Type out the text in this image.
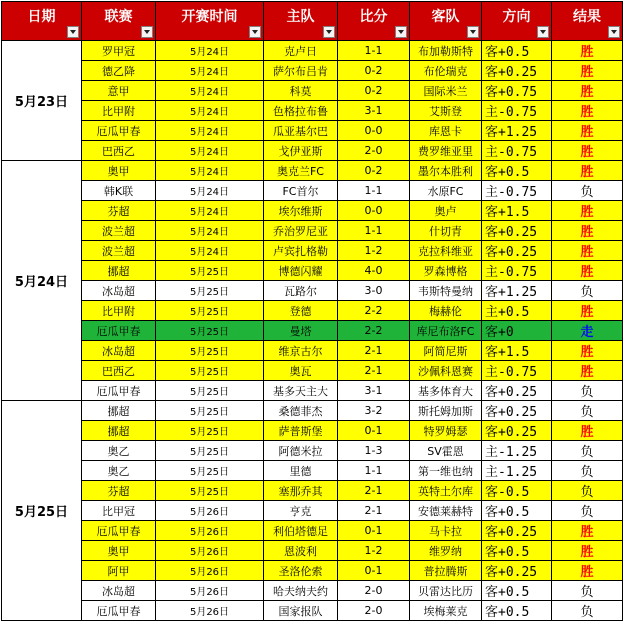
日期	联赛	开赛时间	主队	比分	客队	方向	结果

5月23日	罗甲冠	5月24日	克卢日	1-1	布加勒斯特	客+0.5	胜
	德乙降	5月24日	萨尔布吕肯	0-2	布伦瑞克	客+0.25	胜
	意甲	5月24日	科莫	0-2	国际米兰	客+0.75	胜
	比甲附	5月24日	色格拉布鲁	3-1	艾斯登	主-0.75	胜
	厄瓜甲春	5月24日	瓜亚基尔巴	0-0	库恩卡	客+1.25	胜
	巴西乙	5月24日	戈伊亚斯	2-0	费罗维亚里	主-0.75	胜
5月24日	奥甲	5月24日	奥克兰FC	0-2	墨尔本胜利	客+0.5	胜
	韩K联	5月24日	FC首尔	1-1	水原FC	主-0.75	负
	芬超	5月24日	埃尔维斯	0-0	奥卢	客+1.5	胜
	波兰超	5月24日	乔治罗尼亚	1-1	什切青	客+0.25	胜
	波兰超	5月24日	卢宾扎格勒	1-2	克拉科维亚	客+0.25	胜
	挪超	5月25日	博德闪耀	4-0	罗森博格	主-0.75	胜
	冰岛超	5月25日	瓦路尔	3-0	韦斯特曼纳	客+1.25	负
	比甲附	5月25日	登德	2-2	梅赫伦	主+0.5	胜
	厄瓜甲春	5月25日	曼塔	2-2	库尼布洛FC	客+0	走
	冰岛超	5月25日	维京古尔	2-1	阿简尼斯	客+1.5	胜
	巴西乙	5月25日	奥瓦	2-1	沙佩科恩赛	主-0.75	胜
	厄瓜甲春	5月25日	基多天主大	3-1	基多体育大	客+0.25	负
5月25日	挪超	5月25日	桑德菲杰	3-2	斯托姆加斯	客+0.25	负
	挪超	5月25日	萨普斯堡	0-1	特罗姆瑟	客+0.25	胜
	奥乙	5月25日	阿德米拉	1-3	SV霍恩	主-1.25	负
	奥乙	5月25日	里德	1-1	第一维也纳	主-1.25	负
	芬超	5月25日	塞那乔其	2-1	英特土尔库	客-0.5	负
	比甲冠	5月26日	亨克	2-1	安德莱赫特	客+0.5	负
	厄瓜甲春	5月26日	利伯塔德足	0-1	马卡拉	客+0.25	胜
	奥甲	5月26日	恩波利	1-2	维罗纳	客+0.5	胜
	阿甲	5月26日	圣洛伦索	0-1	普拉腾斯	客+0.25	胜
	冰岛超	5月26日	哈夫纳夫约	2-0	贝雷达比历	客+0.5	负
	厄瓜甲春	5月26日	国家报队	2-0	埃梅莱克	客+0.5	负
